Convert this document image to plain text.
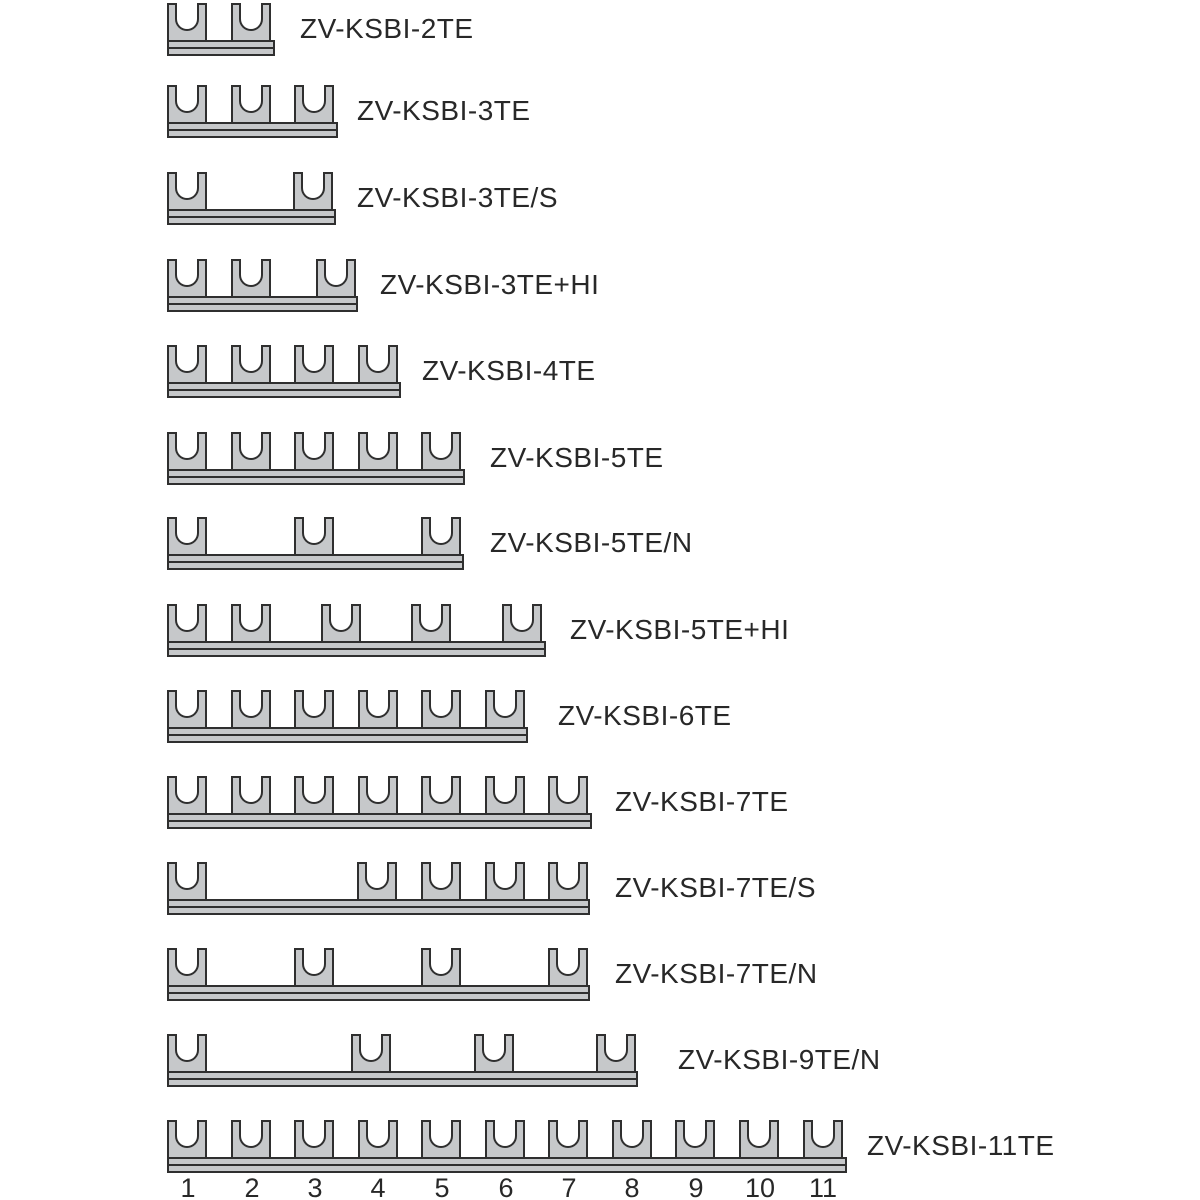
ZV-KSBI-2TE
ZV-KSBI-3TE
ZV-KSBI-3TE/S
ZV-KSBI-3TE+HI
ZV-KSBI-4TE
ZV-KSBI-5TE
ZV-KSBI-5TE/N
ZV-KSBI-5TE+HI
ZV-KSBI-6TE
ZV-KSBI-7TE
ZV-KSBI-7TE/S
ZV-KSBI-7TE/N
ZV-KSBI-9TE/N
ZV-KSBI-11TE
1 2 3 4 5 6 7 8 9 10 11
